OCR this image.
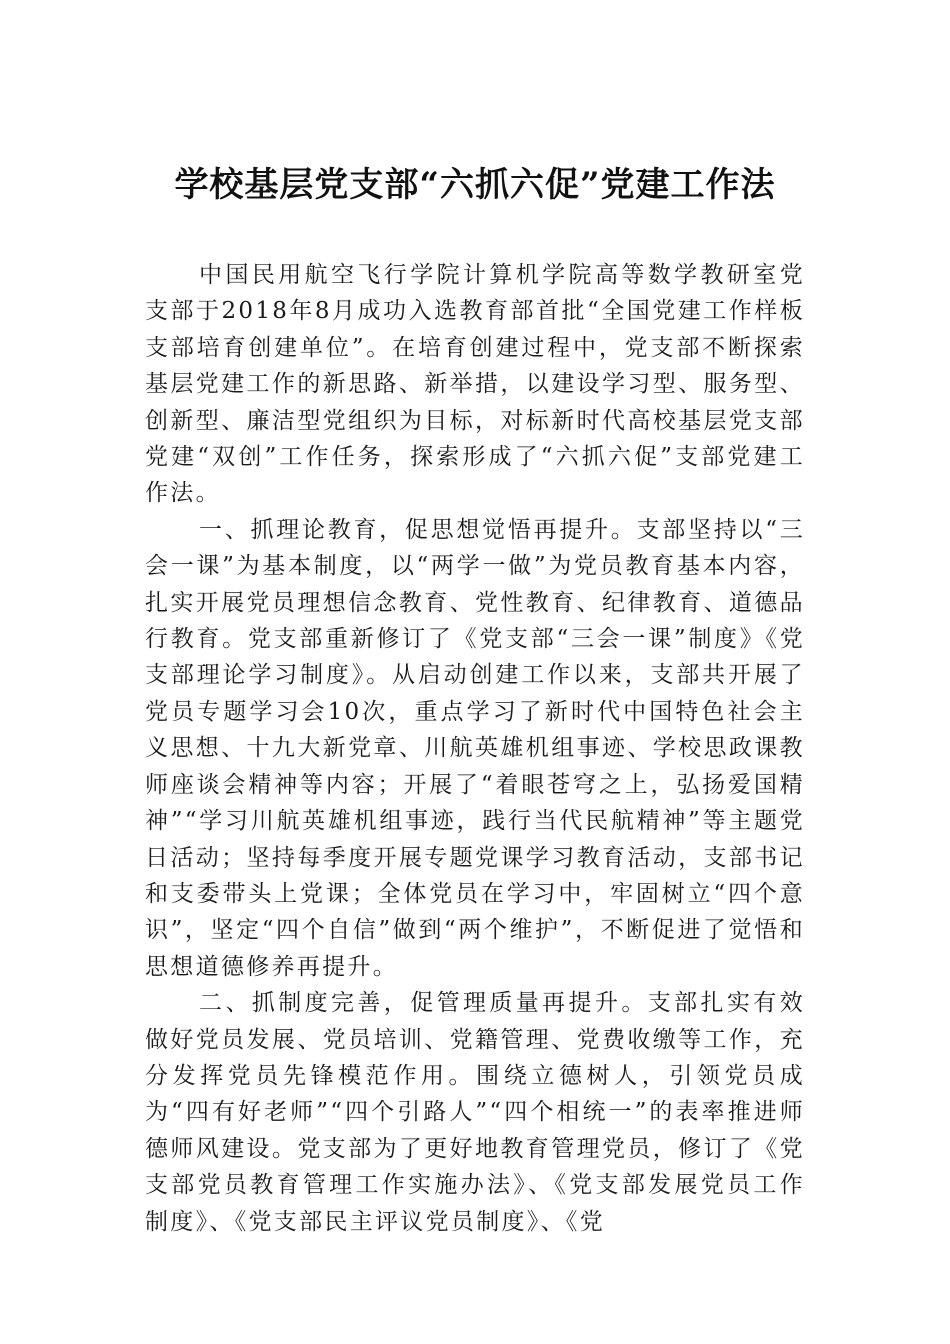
学校基层党支部“六抓六促”党建工作法

中国民用航空飞行学院计算机学院高等数学教研室党支部于2018年8月成功入选教育部首批“全国党建工作样板支部培育创建单位”。在培育创建过程中，党支部不断探索基层党建工作的新思路、新举措，以建设学习型、服务型、创新型、廉洁型党组织为目标，对标新时代高校基层党支部党建“双创”工作任务，探索形成了“六抓六促”支部党建工作法。

一、抓理论教育，促思想觉悟再提升。支部坚持以“三会一课”为基本制度，以“两学一做”为党员教育基本内容，扎实开展党员理想信念教育、党性教育、纪律教育、道德品行教育。党支部重新修订了《党支部“三会一课”制度》《党支部理论学习制度》。从启动创建工作以来，支部共开展了党员专题学习会10次，重点学习了新时代中国特色社会主义思想、十九大新党章、川航英雄机组事迹、学校思政课教师座谈会精神等内容；开展了“着眼苍穹之上，弘扬爱国精神”“学习川航英雄机组事迹，践行当代民航精神”等主题党日活动；坚持每季度开展专题党课学习教育活动，支部书记和支委带头上党课；全体党员在学习中，牢固树立“四个意识”，坚定“四个自信”做到“两个维护”，不断促进了觉悟和思想道德修养再提升。

二、抓制度完善，促管理质量再提升。支部扎实有效做好党员发展、党员培训、党籍管理、党费收缴等工作，充分发挥党员先锋模范作用。围绕立德树人，引领党员成为“四有好老师”“四个引路人”“四个相统一”的表率推进师德师风建设。党支部为了更好地教育管理党员，修订了《党支部党员教育管理工作实施办法》、《党支部发展党员工作制度》、《党支部民主评议党员制度》、《党
